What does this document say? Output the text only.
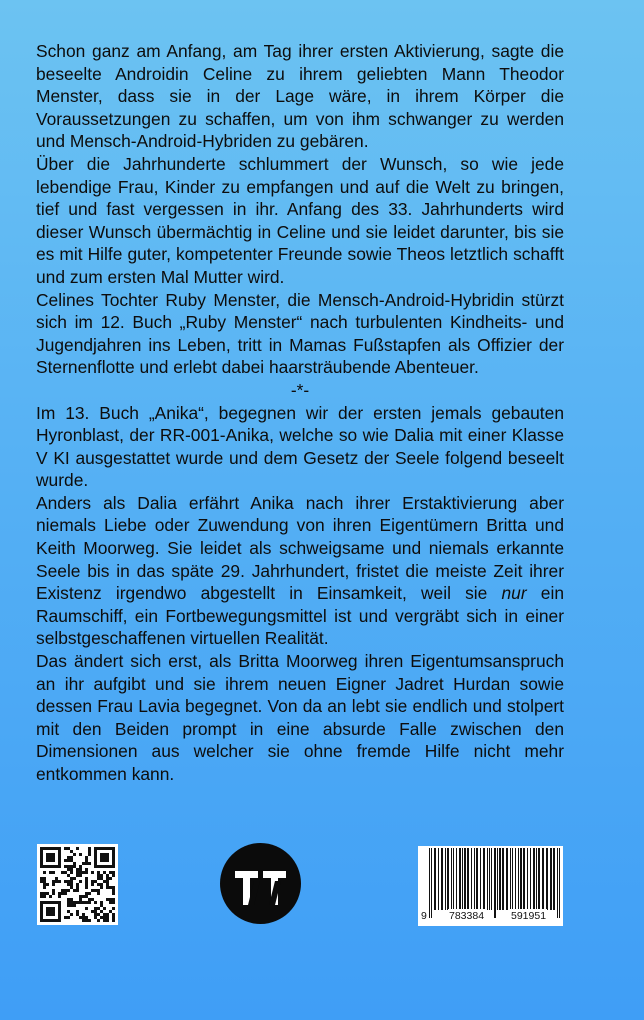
Schon ganz am Anfang, am Tag ihrer ersten Aktivierung, sagte die beseelte Androidin Celine zu ihrem geliebten Mann Theodor Menster, dass sie in der Lage wäre, in ihrem Körper die Voraussetzungen zu schaffen, um von ihm schwanger zu werden und Mensch-Android-Hybriden zu gebären.

Über die Jahrhunderte schlummert der Wunsch, so wie jede lebendige Frau, Kinder zu empfangen und auf die Welt zu bringen, tief und fast vergessen in ihr. Anfang des 33. Jahrhunderts wird dieser Wunsch übermächtig in Celine und sie leidet darunter, bis sie es mit Hilfe guter, kompetenter Freunde sowie Theos letztlich schafft und zum ersten Mal Mutter wird.

Celines Tochter Ruby Menster, die Mensch-Android-Hybridin stürzt sich im 12. Buch „Ruby Menster“ nach turbulenten Kindheits- und Jugendjahren ins Leben, tritt in Mamas Fußstapfen als Offizier der Sternenflotte und erlebt dabei haarsträubende Abenteuer.

-*-

Im 13. Buch „Anika“, begegnen wir der ersten jemals gebauten Hyronblast, der RR-001-Anika, welche so wie Dalia mit einer Klasse V KI ausgestattet wurde und dem Gesetz der Seele folgend beseelt wurde.

Anders als Dalia erfährt Anika nach ihrer Erstaktivierung aber niemals Liebe oder Zuwendung von ihren Eigentümern Britta und Keith Moorweg. Sie leidet als schweigsame und niemals erkannte Seele bis in das späte 29. Jahrhundert, fristet die meiste Zeit ihrer Existenz irgendwo abgestellt in Einsamkeit, weil sie nur ein Raumschiff, ein Fortbewegungsmittel ist und vergräbt sich in einer selbstgeschaffenen virtuellen Realität.

Das ändert sich erst, als Britta Moorweg ihren Eigentumsanspruch an ihr aufgibt und sie ihrem neuen Eigner Jadret Hurdan sowie dessen Frau Lavia begegnet. Von da an lebt sie endlich und stolpert mit den Beiden prompt in eine absurde Falle zwischen den Dimensionen aus welcher sie ohne fremde Hilfe nicht mehr entkommen kann.

9 783384	591951
